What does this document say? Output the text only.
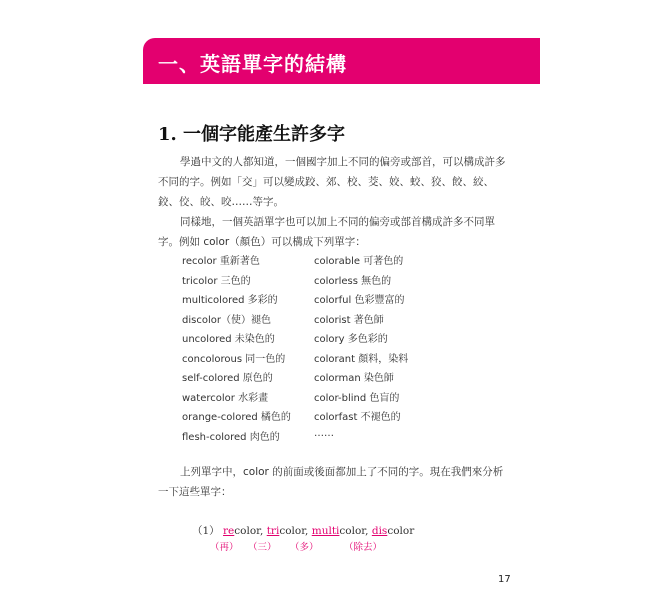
一、英語單字的結構
1. 一個字能產生許多字

學過中文的人都知道，一個國字加上不同的偏旁或部首，可以構成許多不同的字。例如「交」可以變成跤、郊、校、茭、姣、蛟、狡、餃、絞、鉸、佼、皎、咬……等字。

同樣地，一個英語單字也可以加上不同的偏旁或部首構成許多不同單字。例如 color（顏色）可以構成下列單字：

recolor 重新著色	colorable 可著色的
tricolor 三色的	colorless 無色的
multicolored 多彩的	colorful 色彩豐富的
discolor（使）褪色	colorist 著色師
uncolored 未染色的	colory 多色彩的
concolorous 同一色的	colorant 顏料，染料
self-colored 原色的	colorman 染色師
watercolor 水彩畫	color-blind 色盲的
orange-colored 橘色的 colorfast 不褪色的
flesh-colored 肉色的	……

上列單字中，color 的前面或後面都加上了不同的字。現在我們來分析一下這些單字：

（1） recolor, tricolor, multicolor, discolor
（再） （三） （多）	（除去）
17
